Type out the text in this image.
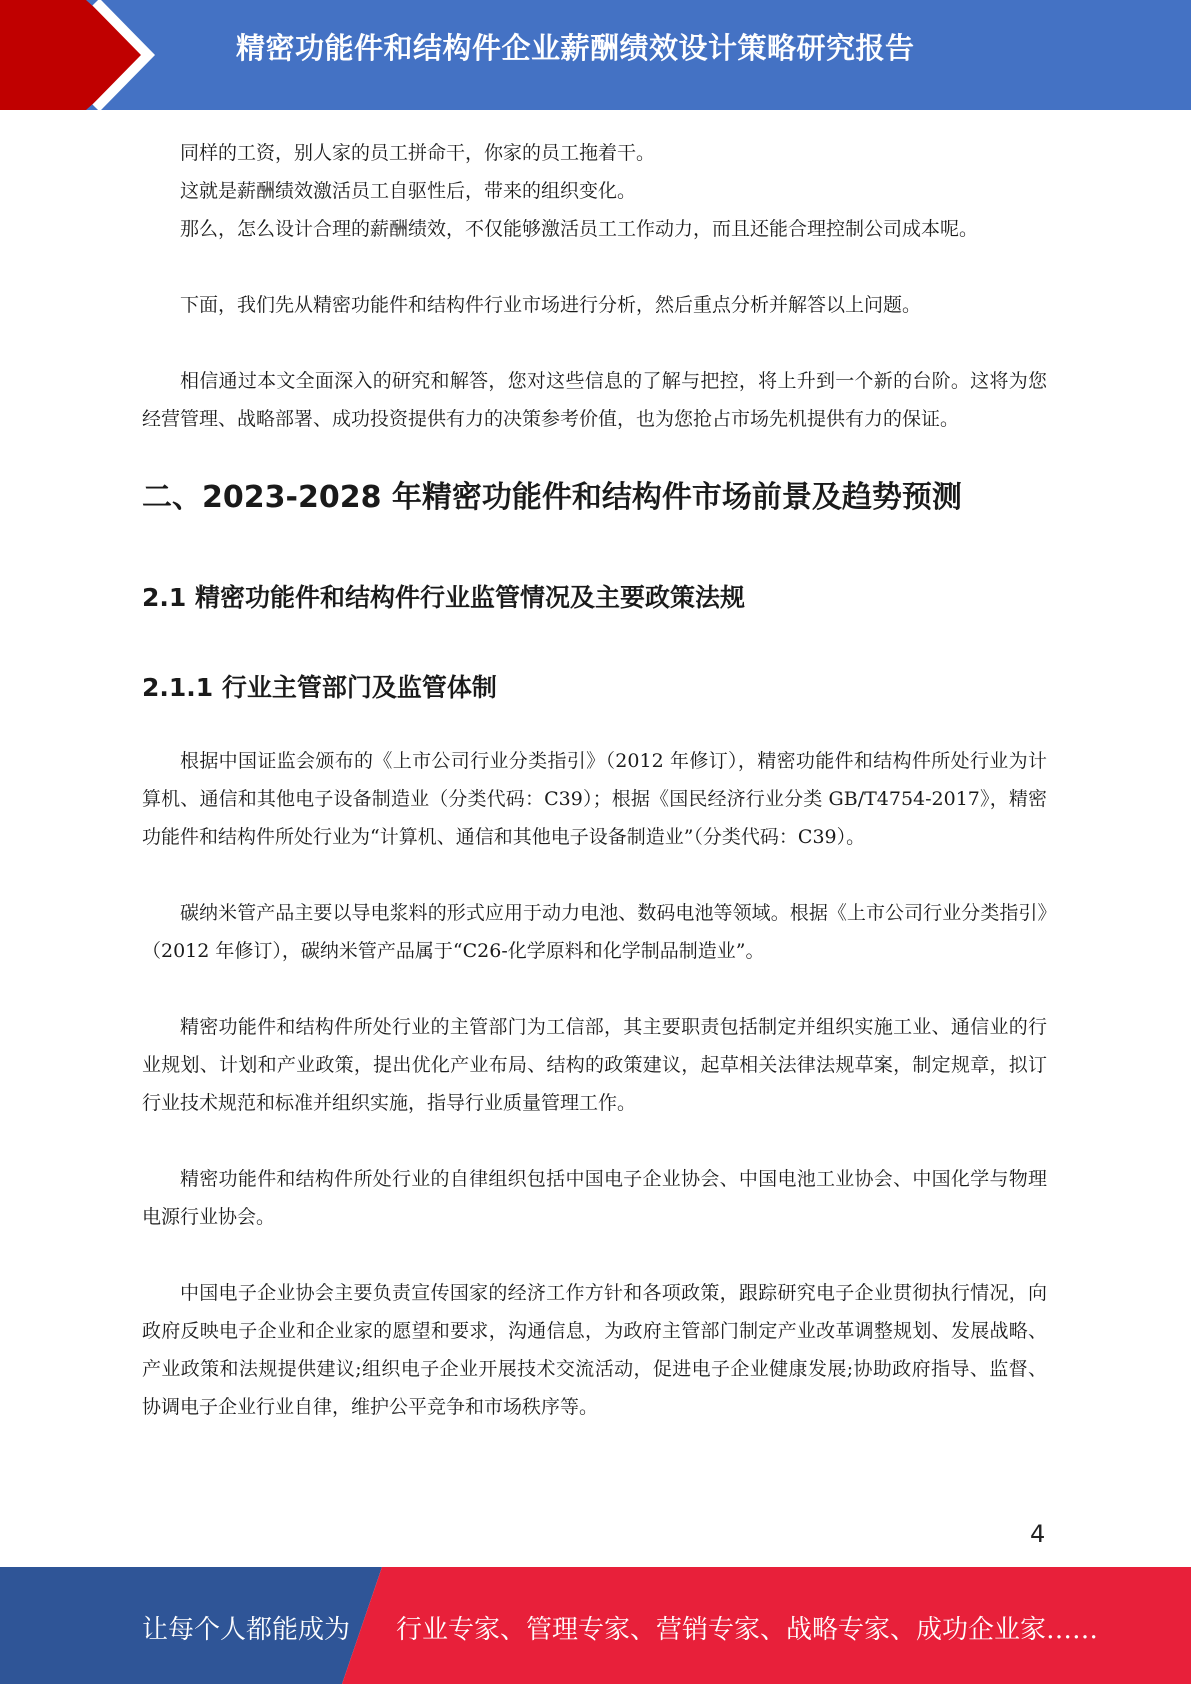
精密功能件和结构件企业薪酬绩效设计策略研究报告

同样的工资，别人家的员工拼命干，你家的员工拖着干。

这就是薪酬绩效激活员工自驱性后，带来的组织变化。

那么，怎么设计合理的薪酬绩效，不仅能够激活员工工作动力，而且还能合理控制公司成本呢。

下面，我们先从精密功能件和结构件行业市场进行分析，然后重点分析并解答以上问题。

相信通过本文全面深入的研究和解答，您对这些信息的了解与把控，将上升到一个新的台阶。这将为您经营管理、战略部署、成功投资提供有力的决策参考价值，也为您抢占市场先机提供有力的保证。

二、2023-2028 年精密功能件和结构件市场前景及趋势预测
2.1 精密功能件和结构件行业监管情况及主要政策法规
2.1.1 行业主管部门及监管体制

根据中国证监会颁布的《上市公司行业分类指引》（2012 年修订），精密功能件和结构件所处行业为计算机、通信和其他电子设备制造业（分类代码：C39）；根据《国民经济行业分类 GB/T4754-2017》，精密功能件和结构件所处行业为“计算机、通信和其他电子设备制造业”（分类代码：C39）。

碳纳米管产品主要以导电浆料的形式应用于动力电池、数码电池等领域。根据《上市公司行业分类指引》（2012 年修订），碳纳米管产品属于“C26-化学原料和化学制品制造业”。

精密功能件和结构件所处行业的主管部门为工信部，其主要职责包括制定并组织实施工业、通信业的行业规划、计划和产业政策，提出优化产业布局、结构的政策建议，起草相关法律法规草案，制定规章，拟订行业技术规范和标准并组织实施，指导行业质量管理工作。

精密功能件和结构件所处行业的自律组织包括中国电子企业协会、中国电池工业协会、中国化学与物理电源行业协会。

中国电子企业协会主要负责宣传国家的经济工作方针和各项政策，跟踪研究电子企业贯彻执行情况，向政府反映电子企业和企业家的愿望和要求，沟通信息，为政府主管部门制定产业改革调整规划、发展战略、产业政策和法规提供建议;组织电子企业开展技术交流活动，促进电子企业健康发展;协助政府指导、监督、协调电子企业行业自律，维护公平竞争和市场秩序等。

4
让每个人都能成为 行业专家、管理专家、营销专家、战略专家、成功企业家……
